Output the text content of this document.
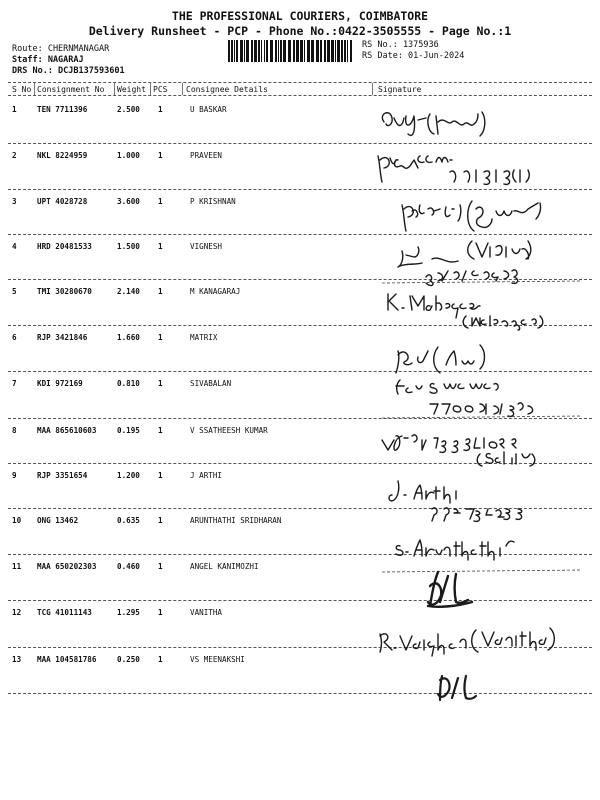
THE PROFESSIONAL COURIERS, COIMBATORE
Delivery Runsheet - PCP - Phone No.:0422-3505555 - Page No.:1
Route: CHERNMANAGAR
Staff: NAGARAJ
DRS No.: DCJB137593601
RS No.: 1375936
RS Date: 01-Jun-2024
S No Consignment No Weight PCS Consignee Details	Signature
1	TEN 7711396	2.500 1	U BASKAR
2	NKL 8224959	1.000 1	PRAVEEN
3	UPT 4028728	3.600 1	P KRISHNAN
4	HRD 20481533	1.500 1	VIGNESH
5	TMI 30280670	2.140 1	M KANAGARAJ
6	RJP 3421846	1.660 1	MATRIX
7	KDI 972169	0.810 1	SIVABALAN
8	MAA 865610603	0.195 1	V SSATHEESH KUMAR
9	RJP 3351654	1.200 1	J ARTHI
10 ONG 13462	0.635 1	ARUNTHATHI SRIDHARAN
11 MAA 650202303	0.460 1	ANGEL KANIMOZHI
12 TCG 41011143	1.295 1	VANITHA
13 MAA 104581786	0.250 1	VS MEENAKSHI
